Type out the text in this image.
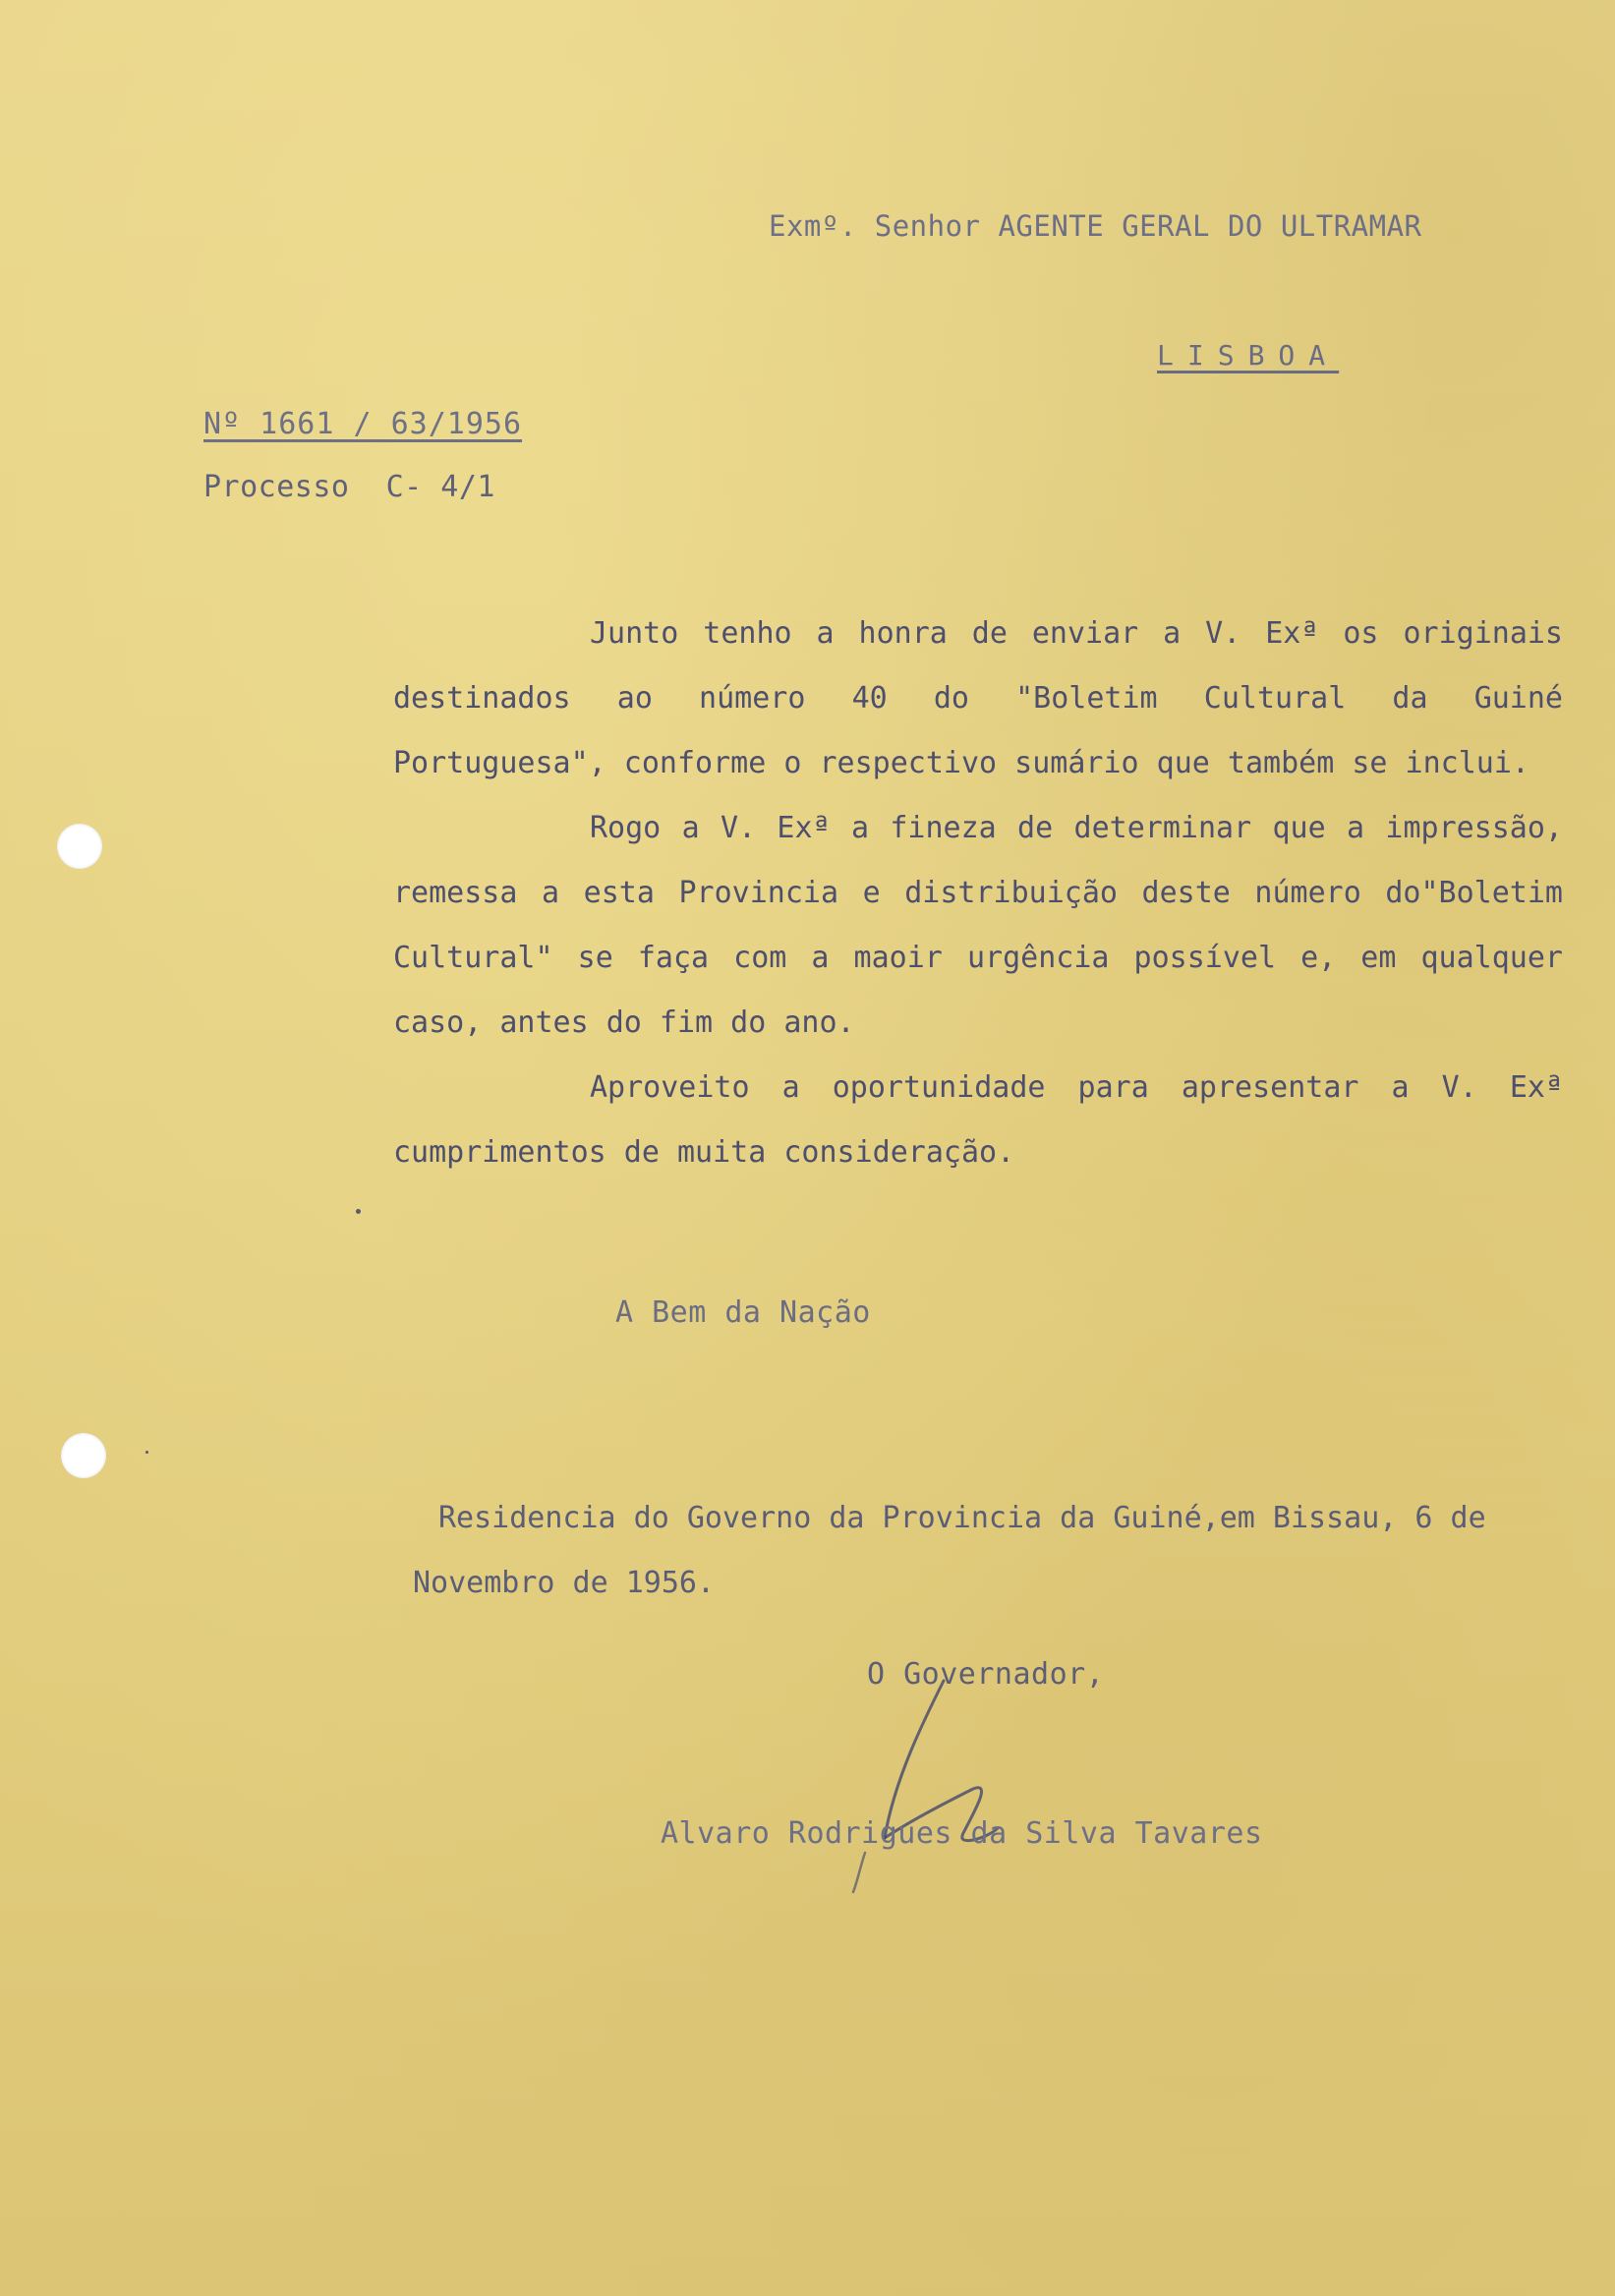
Exmº. Senhor AGENTE GERAL DO ULTRAMAR

LISBOA

Nº 1661 / 63/1956

Processo  C- 4/1

Junto tenho a honra de enviar a V. Exª os originais destinados ao número 40 do "Boletim Cultural da Guiné Portuguesa", conforme o respectivo sumário que também se inclui.

Rogo a V. Exª a fineza de determinar que a impressão, remessa a esta Provincia e distribuição deste número do"Boletim Cultural" se faça com a maoir urgência possível e, em qualquer caso, antes do fim do ano.

Aproveito a oportunidade para apresentar a V. Exª cumprimentos de muita consideração.

A Bem da Nação

Residencia do Governo da Provincia da Guiné,em Bissau, 6 de Novembro de 1956.

O Governador,

Alvaro Rodrigues da Silva Tavares
